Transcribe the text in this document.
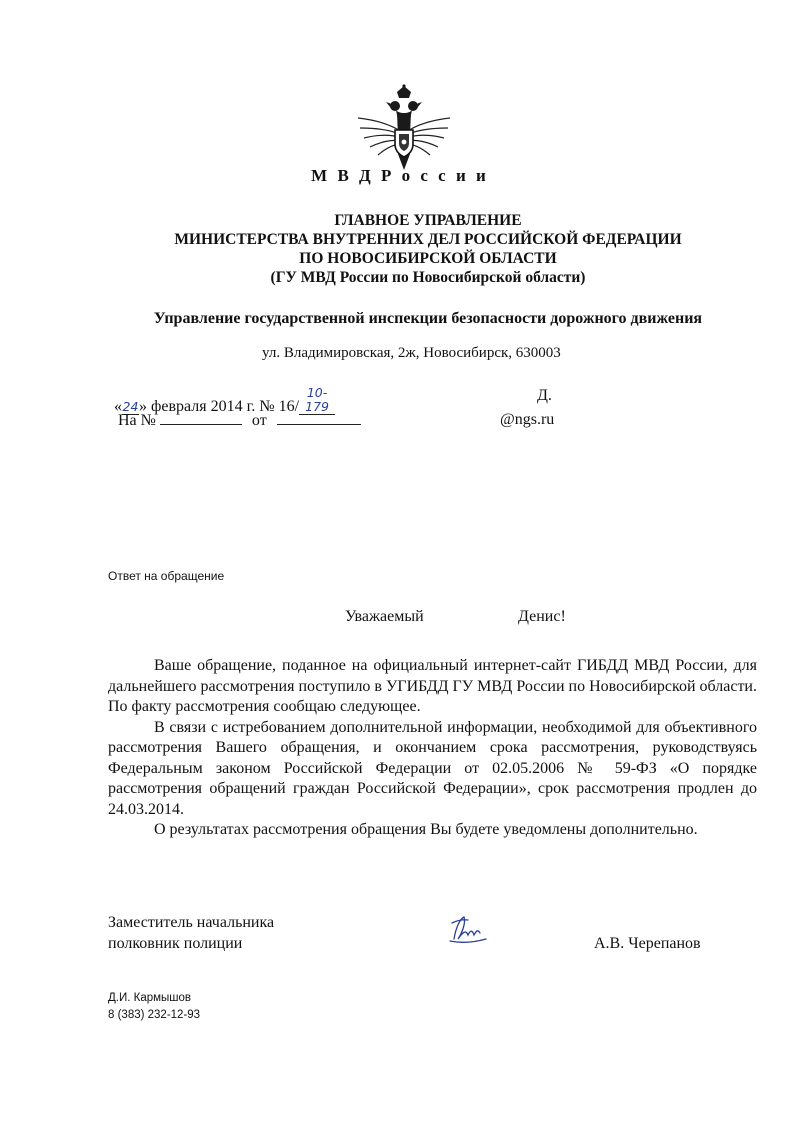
М В Д Р о с с и и
ГЛАВНОЕ УПРАВЛЕНИЕ
МИНИСТЕРСТВА ВНУТРЕННИХ ДЕЛ РОССИЙСКОЙ ФЕДЕРАЦИИ
ПО НОВОСИБИРСКОЙ ОБЛАСТИ
(ГУ МВД России по Новосибирской области)
Управление государственной инспекции безопасности дорожного движения
ул. Владимировская, 2ж, Новосибирск, 630003
«24» февраля 2014 г. № 16/10-179
Д.
На №	от	@ngs.ru
Ответ на обращение
Уважаемый	Денис!

Ваше обращение, поданное на официальный интернет-сайт ГИБДД МВД России, для дальнейшего рассмотрения поступило в УГИБДД ГУ МВД России по Новосибирской области. По факту рассмотрения сообщаю следующее.

В связи с истребованием дополнительной информации, необходимой для объективного рассмотрения Вашего обращения, и окончанием срока рассмотрения, руководствуясь Федеральным законом Российской Федерации от 02.05.2006 № 59-ФЗ «О порядке рассмотрения обращений граждан Российской Федерации», срок рассмотрения продлен до 24.03.2014.

О результатах рассмотрения обращения Вы будете уведомлены дополнительно.

Заместитель начальника
полковник полиции	А.В. Черепанов
Д.И. Кармышов
8 (383) 232-12-93
